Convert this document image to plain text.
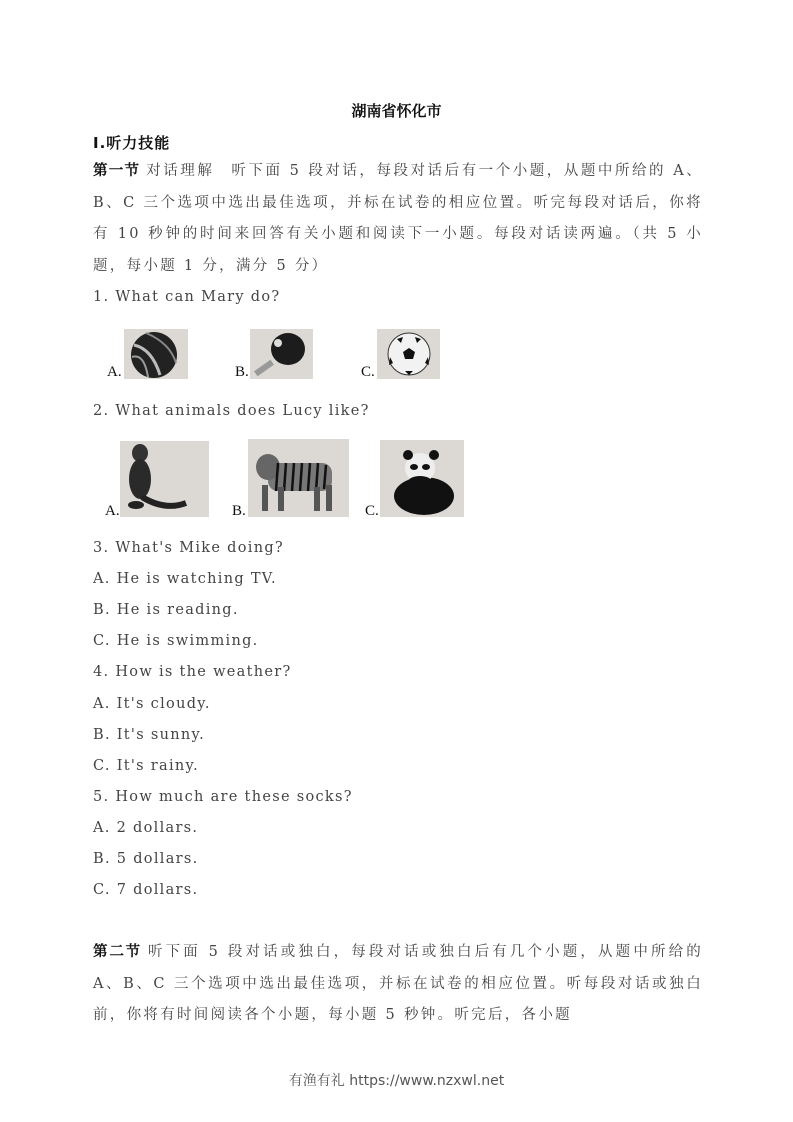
湖南省怀化市
I.听力技能
第一节 对话理解　听下面 5 段对话，每段对话后有一个小题，从题中所给的 A、B、C 三个选项中选出最佳选项，并标在试卷的相应位置。听完每段对话后，你将有 10 秒钟的时间来回答有关小题和阅读下一小题。每段对话读两遍。（共 5 小题，每小题 1 分，满分 5 分）
1. What can Mary do?
A.	B.	C.
2. What animals does Lucy like?
A.	B.	C.
3. What's Mike doing?
A. He is watching TV.
B. He is reading.
C. He is swimming.
4. How is the weather?
A. It's cloudy.
B. It's sunny.
C. It's rainy.
5. How much are these socks?
A. 2 dollars.
B. 5 dollars.
C. 7 dollars.
第二节 听下面 5 段对话或独白，每段对话或独白后有几个小题，从题中所给的 A、B、C 三个选项中选出最佳选项，并标在试卷的相应位置。听每段对话或独白前，你将有时间阅读各个小题，每小题 5 秒钟。听完后，各小题
有渔有礼 https://www.nzxwl.net
